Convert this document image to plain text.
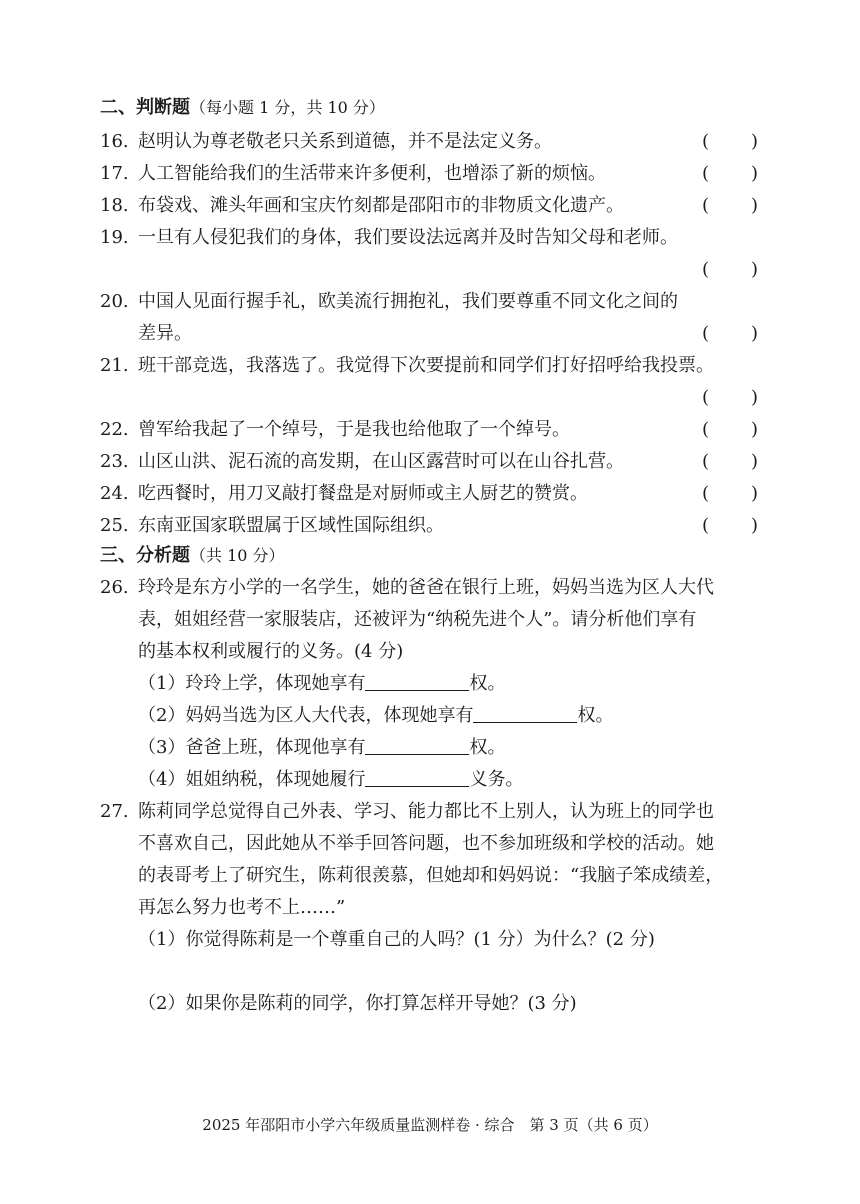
二、判断题（每小题 1 分，共 10 分）
16. 赵明认为尊老敬老只关系到道德，并不是法定义务。	( )
17. 人工智能给我们的生活带来许多便利，也增添了新的烦恼。	( )
18. 布袋戏、滩头年画和宝庆竹刻都是邵阳市的非物质文化遗产。	( )
19. 一旦有人侵犯我们的身体，我们要设法远离并及时告知父母和老师。
( )
20. 中国人见面行握手礼，欧美流行拥抱礼，我们要尊重不同文化之间的
差异。	( )
21. 班干部竞选，我落选了。我觉得下次要提前和同学们打好招呼给我投票。
( )
22. 曾军给我起了一个绰号，于是我也给他取了一个绰号。	( )
23. 山区山洪、泥石流的高发期，在山区露营时可以在山谷扎营。	( )
24. 吃西餐时，用刀叉敲打餐盘是对厨师或主人厨艺的赞赏。	( )
25. 东南亚国家联盟属于区域性国际组织。	( )
三、分析题（共 10 分）
26. 玲玲是东方小学的一名学生，她的爸爸在银行上班，妈妈当选为区人大代
表，姐姐经营一家服装店，还被评为“纳税先进个人”。请分析他们享有
的基本权利或履行的义务。(4 分)
（1）玲玲上学，体现她享有	权。
（2）妈妈当选为区人大代表，体现她享有	权。
（3）爸爸上班，体现他享有	权。
（4）姐姐纳税，体现她履行	义务。
27. 陈莉同学总觉得自己外表、学习、能力都比不上别人，认为班上的同学也
不喜欢自己，因此她从不举手回答问题，也不参加班级和学校的活动。她
的表哥考上了研究生，陈莉很羡慕，但她却和妈妈说：“我脑子笨成绩差，
再怎么努力也考不上……”
（1）你觉得陈莉是一个尊重自己的人吗？(1 分）为什么？(2 分)
（2）如果你是陈莉的同学，你打算怎样开导她？(3 分)
2025 年邵阳市小学六年级质量监测样卷 · 综合　第 3 页（共 6 页）
